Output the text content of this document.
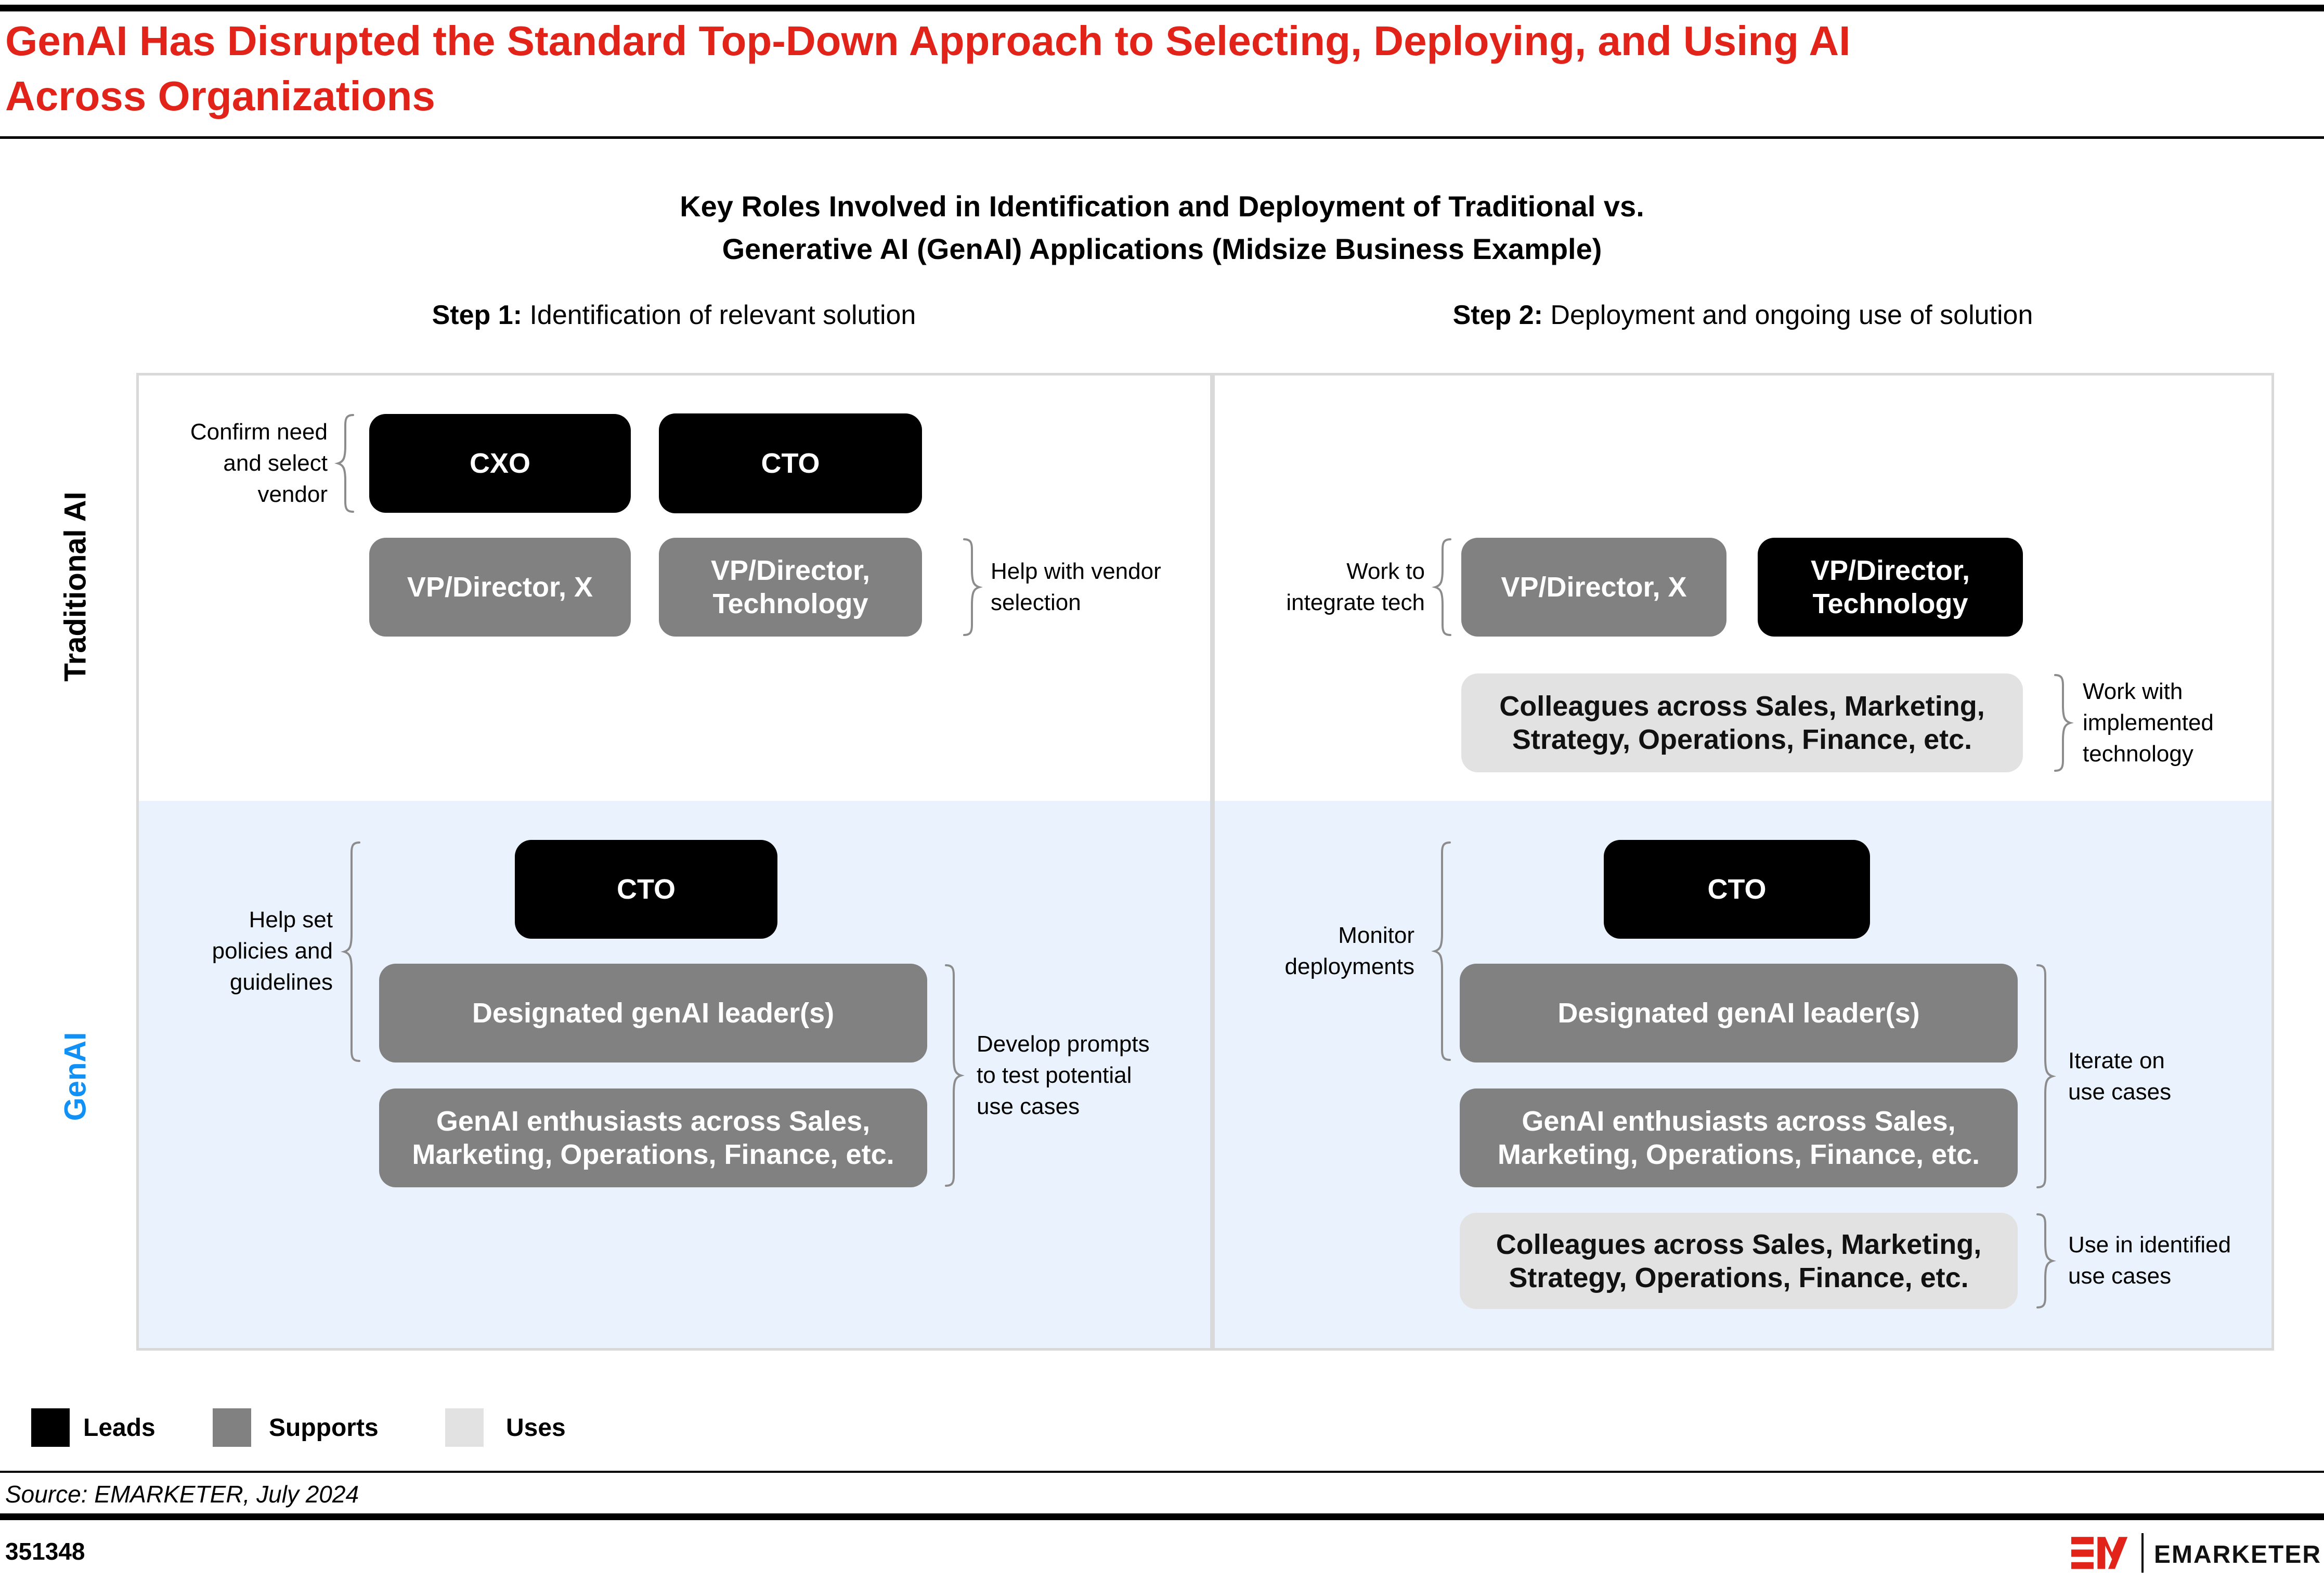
GenAI Has Disrupted the Standard Top-Down Approach to Selecting, Deploying, and Using AI
Across Organizations
Key Roles Involved in Identification and Deployment of Traditional vs.
Generative AI (GenAI) Applications (Midsize Business Example)
Step 1: Identification of relevant solution	Step 2: Deployment and ongoing use of solution
Traditional AI
GenAI
Confirm need
and select
vendor
CXO	CTO
VP/Director, X
VP/Director,
Technology
Help with vendor
selection
Work to
integrate tech	VP/Director, X
VP/Director,
Technology
Colleagues across Sales, Marketing,
Strategy, Operations, Finance, etc.
Work with
implemented
technology
Help set
policies and
guidelines
CTO
Designated genAI leader(s)
GenAI enthusiasts across Sales,
Marketing, Operations, Finance, etc.
Develop prompts
to test potential
use cases
Monitor
deployments
CTO
Designated genAI leader(s)
GenAI enthusiasts across Sales,
Marketing, Operations, Finance, etc.
Iterate on
use cases
Colleagues across Sales, Marketing,
Strategy, Operations, Finance, etc.
Use in identified
use cases
Leads	Supports	Uses
Source: EMARKETER, July 2024
351348	EMARKETER
